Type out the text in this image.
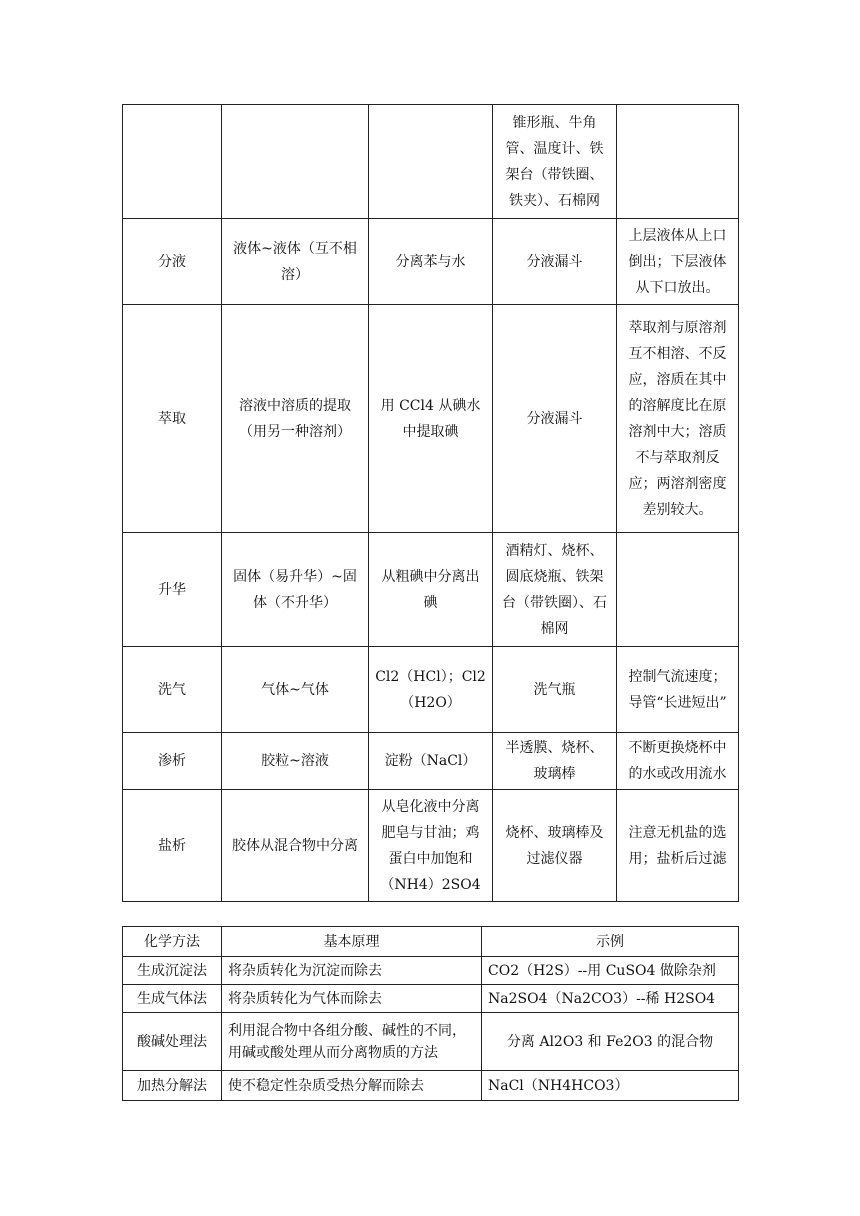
			锥形瓶、牛角管、温度计、铁架台（带铁圈、铁夹）、石棉网	
分液	液体~液体（互不相溶）	分离苯与水	分液漏斗	上层液体从上口倒出；下层液体从下口放出。
萃取	溶液中溶质的提取（用另一种溶剂）	用 CCl4 从碘水中提取碘	分液漏斗	萃取剂与原溶剂互不相溶、不反应，溶质在其中的溶解度比在原溶剂中大；溶质不与萃取剂反应；两溶剂密度差别较大。
升华	固体（易升华）~固体（不升华）	从粗碘中分离出碘	酒精灯、烧杯、圆底烧瓶、铁架台（带铁圈）、石棉网	
洗气	气体~气体	Cl2（HCl）；Cl2（H2O）	洗气瓶	控制气流速度；导管“长进短出”
渗析	胶粒~溶液	淀粉（NaCl）	半透膜、烧杯、玻璃棒	不断更换烧杯中的水或改用流水
盐析	胶体从混合物中分离	从皂化液中分离肥皂与甘油；鸡蛋白中加饱和（NH4）2SO4	烧杯、玻璃棒及过滤仪器	注意无机盐的选用；盐析后过滤
化学方法	基本原理	示例
生成沉淀法	将杂质转化为沉淀而除去	CO2（H2S）--用 CuSO4 做除杂剂
生成气体法	将杂质转化为气体而除去	Na2SO4（Na2CO3）--稀 H2SO4
酸碱处理法	利用混合物中各组分酸、碱性的不同，用碱或酸处理从而分离物质的方法	分离 Al2O3 和 Fe2O3 的混合物
加热分解法	使不稳定性杂质受热分解而除去	NaCl（NH4HCO3）
